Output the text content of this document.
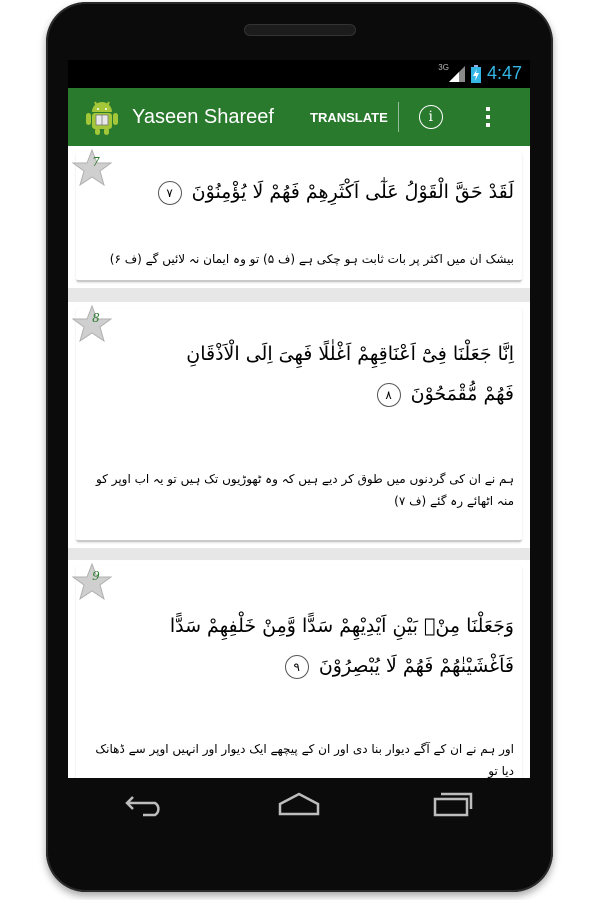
3G 4:47
Yaseen Shareef	TRANSLATE	i
7
لَقَدْ حَقَّ الْقَوْلُ عَلٰٓى اَكْثَرِهِمْ فَهُمْ لَا يُؤْمِنُوْنَ ٧
بیشک ان میں اکثر پر بات ثابت ہو چکی ہے (ف ۵) تو وہ ایمان نہ لائیں گے (ف ۶)
8
اِنَّا جَعَلْنَا فِىْٓ اَعْنَاقِهِمْ اَغْلٰلًا فَهِىَ اِلَى الْاَذْقَانِ فَهُمْ مُّقْمَحُوْنَ ٨
ہم نے ان کی گردنوں میں طوق کر دیے ہیں کہ وہ ٹھوڑیوں تک ہیں تو یہ اب اوپر کو منہ اٹھائے رہ گئے (ف ۷)
9
وَجَعَلْنَا مِنْۢ بَيْنِ اَيْدِيْهِمْ سَدًّا وَّمِنْ خَلْفِهِمْ سَدًّا فَاَغْشَيْنٰهُمْ فَهُمْ لَا يُبْصِرُوْنَ ٩
اور ہم نے ان کے آگے دیوار بنا دی اور ان کے پیچھے ایک دیوار اور انہیں اوپر سے ڈھانک دیا تو
